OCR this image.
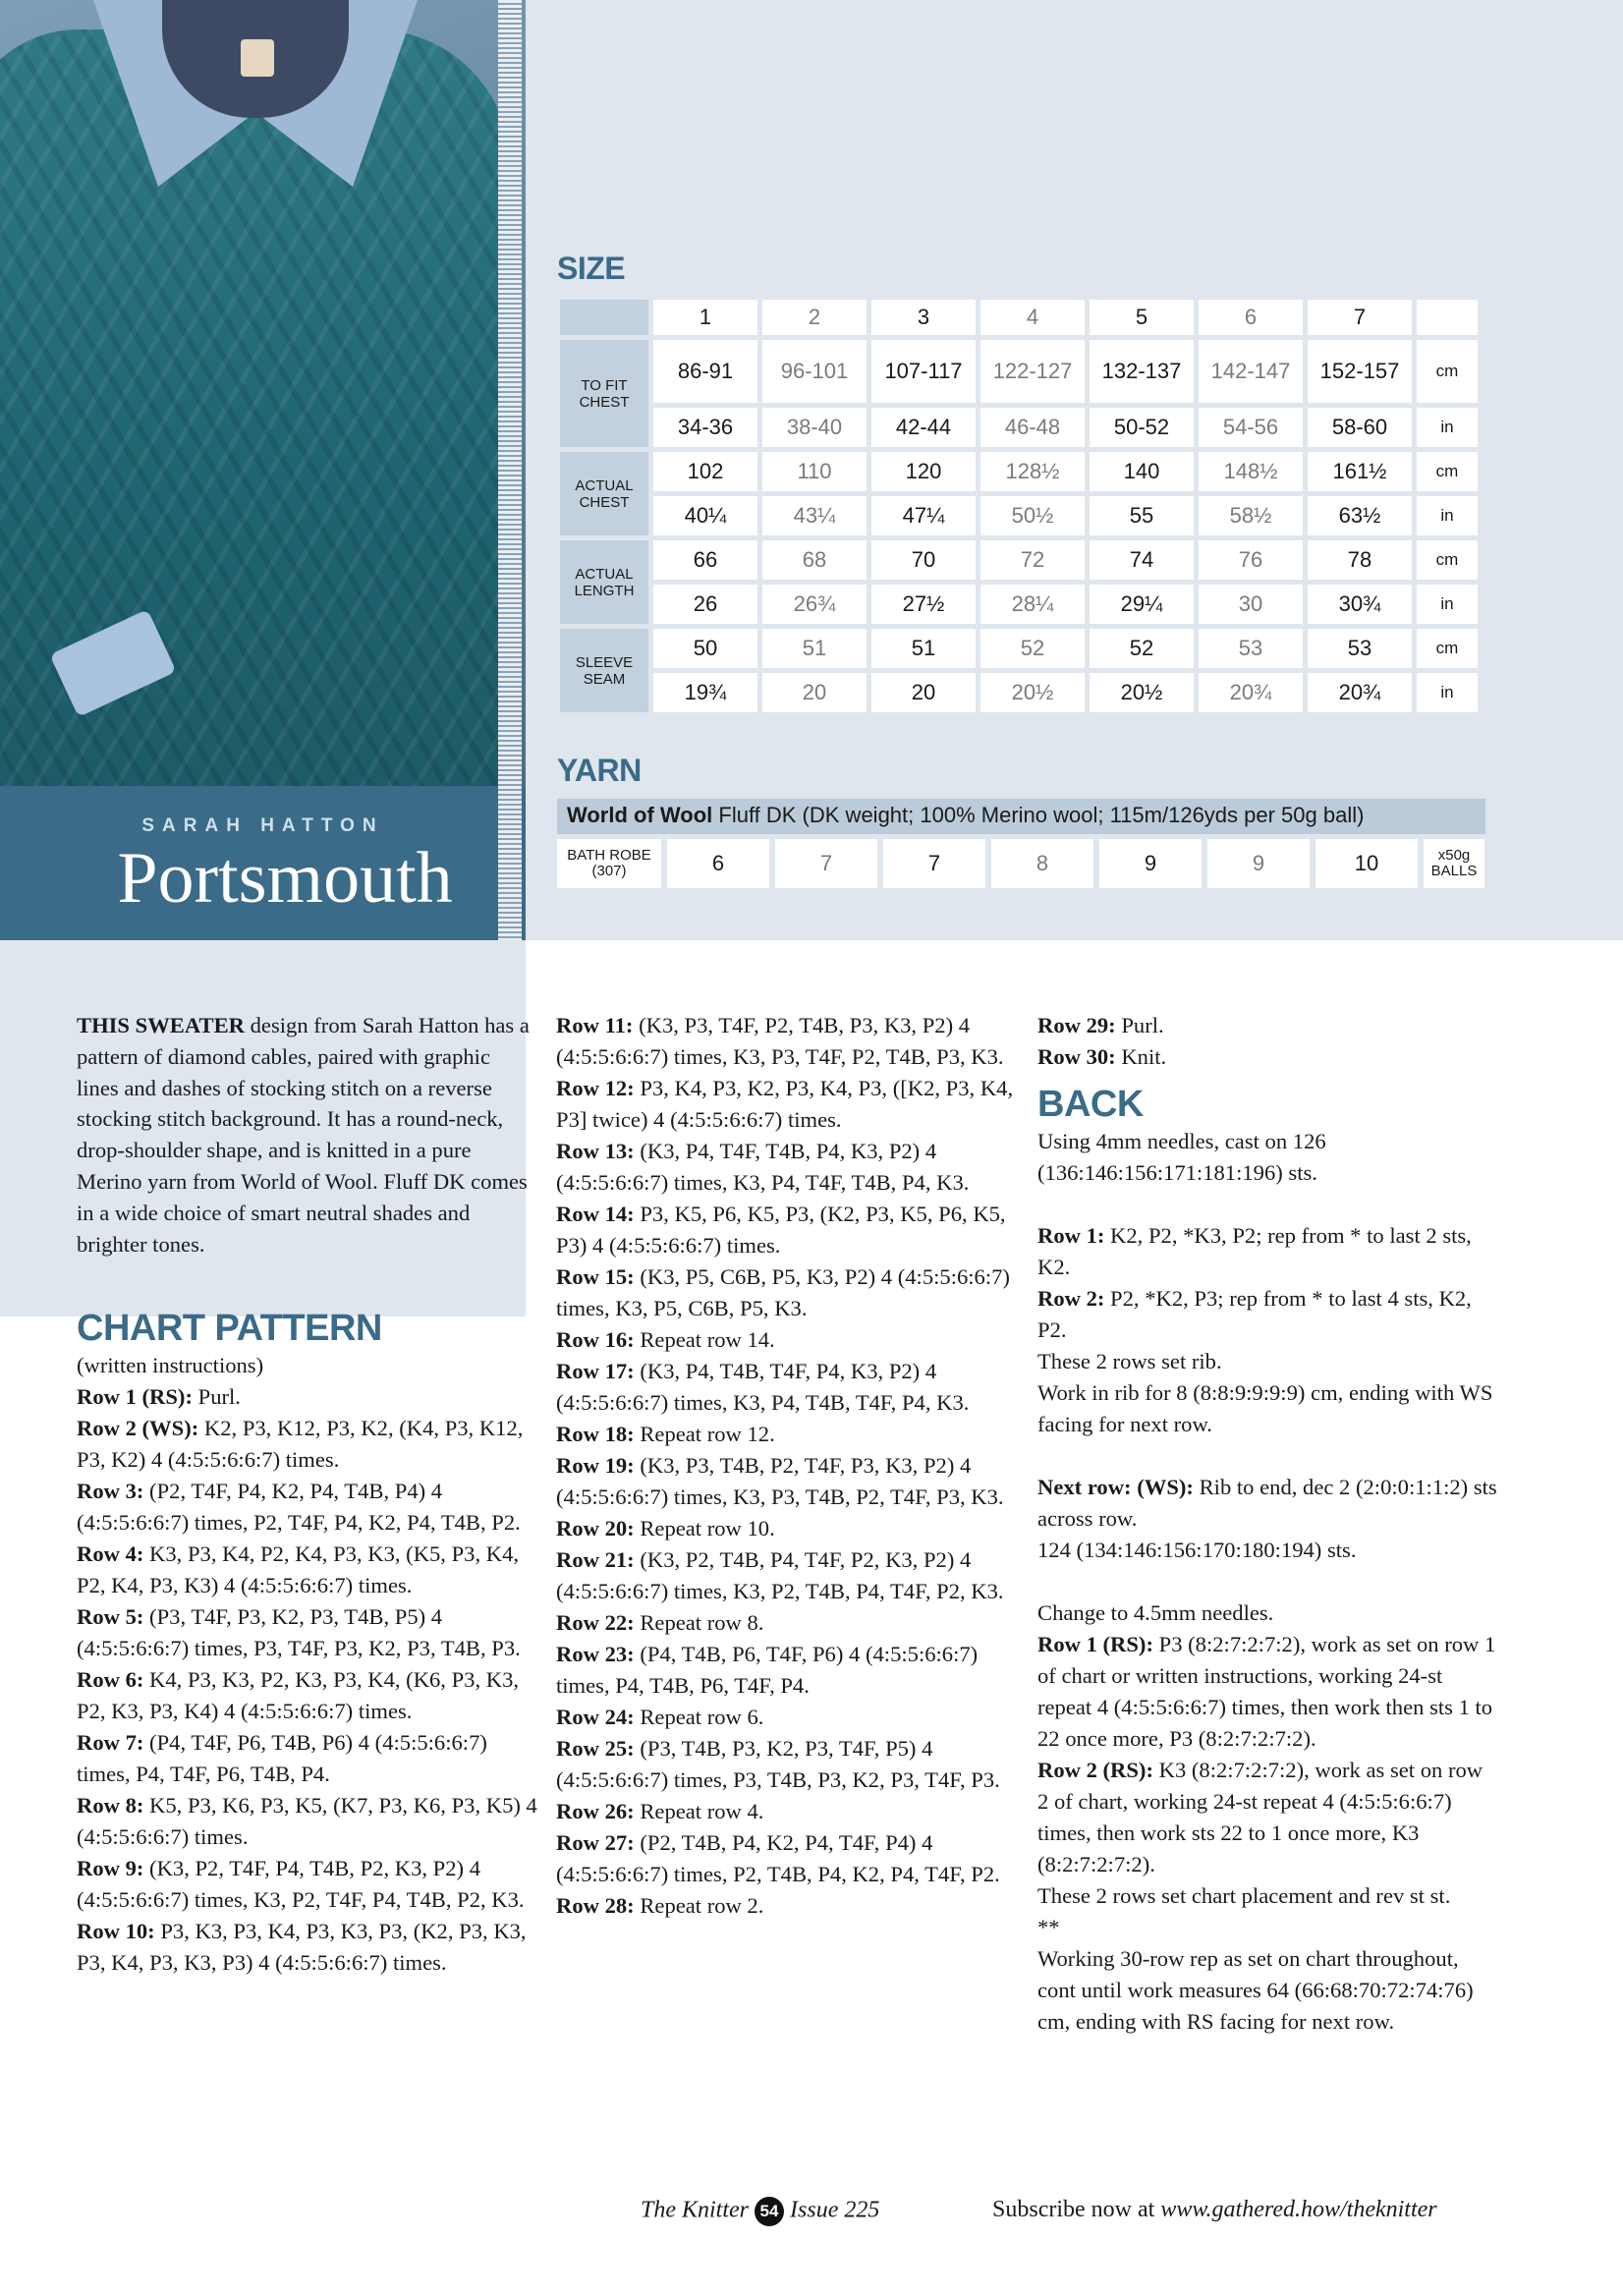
SARAH HATTON
Portsmouth
SIZE
	1	2	3	4	5	6	7	
TO FIT CHEST	86-91	96-101	107-117	122-127	132-137	142-147	152-157	cm
	34-36	38-40	42-44	46-48	50-52	54-56	58-60	in
ACTUAL CHEST	102	110	120	128½	140	148½	161½	cm
	40¼	43¼	47¼	50½	55	58½	63½	in
ACTUAL LENGTH	66	68	70	72	74	76	78	cm
	26	26¾	27½	28¼	29¼	30	30¾	in
SLEEVE SEAM	50	51	51	52	52	53	53	cm
	19¾	20	20	20½	20½	20¾	20¾	in
YARN
World of Wool Fluff DK (DK weight; 100% Merino wool; 115m/126yds per 50g ball)
BATH ROBE (307)	6	7	7	8	9	9	10	x50g BALLS

THIS SWEATER design from Sarah Hatton has a pattern of diamond cables, paired with graphic lines and dashes of stocking stitch on a reverse stocking stitch background. It has a round-neck, drop-shoulder shape, and is knitted in a pure Merino yarn from World of Wool. Fluff DK comes in a wide choice of smart neutral shades and brighter tones.

CHART PATTERN

(written instructions)

Row 1 (RS): Purl.

Row 2 (WS): K2, P3, K12, P3, K2, (K4, P3, K12, P3, K2) 4 (4:5:5:6:6:7) times.

Row 3: (P2, T4F, P4, K2, P4, T4B, P4) 4 (4:5:5:6:6:7) times, P2, T4F, P4, K2, P4, T4B, P2.

Row 4: K3, P3, K4, P2, K4, P3, K3, (K5, P3, K4, P2, K4, P3, K3) 4 (4:5:5:6:6:7) times.

Row 5: (P3, T4F, P3, K2, P3, T4B, P5) 4 (4:5:5:6:6:7) times, P3, T4F, P3, K2, P3, T4B, P3.

Row 6: K4, P3, K3, P2, K3, P3, K4, (K6, P3, K3, P2, K3, P3, K4) 4 (4:5:5:6:6:7) times.

Row 7: (P4, T4F, P6, T4B, P6) 4 (4:5:5:6:6:7) times, P4, T4F, P6, T4B, P4.

Row 8: K5, P3, K6, P3, K5, (K7, P3, K6, P3, K5) 4 (4:5:5:6:6:7) times.

Row 9: (K3, P2, T4F, P4, T4B, P2, K3, P2) 4 (4:5:5:6:6:7) times, K3, P2, T4F, P4, T4B, P2, K3.

Row 10: P3, K3, P3, K4, P3, K3, P3, (K2, P3, K3, P3, K4, P3, K3, P3) 4 (4:5:5:6:6:7) times.

Row 11: (K3, P3, T4F, P2, T4B, P3, K3, P2) 4 (4:5:5:6:6:7) times, K3, P3, T4F, P2, T4B, P3, K3.

Row 12: P3, K4, P3, K2, P3, K4, P3, ([K2, P3, K4, P3] twice) 4 (4:5:5:6:6:7) times.

Row 13: (K3, P4, T4F, T4B, P4, K3, P2) 4 (4:5:5:6:6:7) times, K3, P4, T4F, T4B, P4, K3.

Row 14: P3, K5, P6, K5, P3, (K2, P3, K5, P6, K5, P3) 4 (4:5:5:6:6:7) times.

Row 15: (K3, P5, C6B, P5, K3, P2) 4 (4:5:5:6:6:7) times, K3, P5, C6B, P5, K3.

Row 16: Repeat row 14.

Row 17: (K3, P4, T4B, T4F, P4, K3, P2) 4 (4:5:5:6:6:7) times, K3, P4, T4B, T4F, P4, K3.

Row 18: Repeat row 12.

Row 19: (K3, P3, T4B, P2, T4F, P3, K3, P2) 4 (4:5:5:6:6:7) times, K3, P3, T4B, P2, T4F, P3, K3.

Row 20: Repeat row 10.

Row 21: (K3, P2, T4B, P4, T4F, P2, K3, P2) 4 (4:5:5:6:6:7) times, K3, P2, T4B, P4, T4F, P2, K3.

Row 22: Repeat row 8.

Row 23: (P4, T4B, P6, T4F, P6) 4 (4:5:5:6:6:7) times, P4, T4B, P6, T4F, P4.

Row 24: Repeat row 6.

Row 25: (P3, T4B, P3, K2, P3, T4F, P5) 4 (4:5:5:6:6:7) times, P3, T4B, P3, K2, P3, T4F, P3.

Row 26: Repeat row 4.

Row 27: (P2, T4B, P4, K2, P4, T4F, P4) 4 (4:5:5:6:6:7) times, P2, T4B, P4, K2, P4, T4F, P2.

Row 28: Repeat row 2.

Row 29: Purl.

Row 30: Knit.

BACK

Using 4mm needles, cast on 126 (136:146:156:171:181:196) sts.

Row 1: K2, P2, *K3, P2; rep from * to last 2 sts, K2.

Row 2: P2, *K2, P3; rep from * to last 4 sts, K2, P2.

These 2 rows set rib.

Work in rib for 8 (8:8:9:9:9:9) cm, ending with WS facing for next row.

Next row: (WS): Rib to end, dec 2 (2:0:0:1:1:2) sts across row.

124 (134:146:156:170:180:194) sts.

Change to 4.5mm needles.

Row 1 (RS): P3 (8:2:7:2:7:2), work as set on row 1 of chart or written instructions, working 24-st repeat 4 (4:5:5:6:6:7) times, then work then sts 1 to 22 once more, P3 (8:2:7:2:7:2).

Row 2 (RS): K3 (8:2:7:2:7:2), work as set on row 2 of chart, working 24-st repeat 4 (4:5:5:6:6:7) times, then work sts 22 to 1 once more, K3 (8:2:7:2:7:2).

These 2 rows set chart placement and rev st st.

**

Working 30-row rep as set on chart throughout, cont until work measures 64 (66:68:70:72:74:76) cm, ending with RS facing for next row.

The Knitter 54 Issue 225	Subscribe now at www.gathered.how/theknitter
